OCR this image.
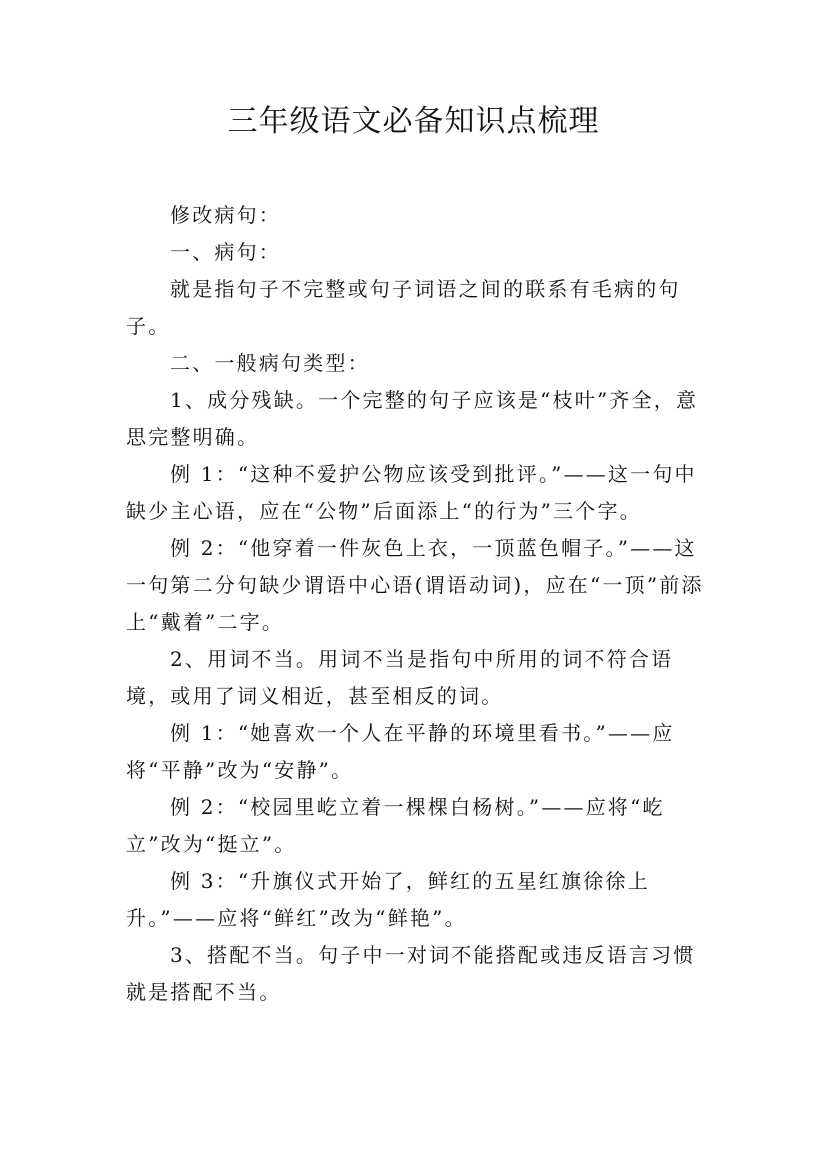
三年级语文必备知识点梳理

修改病句：

一、病句：

就是指句子不完整或句子词语之间的联系有毛病的句子。

二、一般病句类型：

1、成分残缺。一个完整的句子应该是“枝叶”齐全，意思完整明确。

例 1：“这种不爱护公物应该受到批评。”——这一句中缺少主心语，应在“公物”后面添上“的行为”三个字。

例 2：“他穿着一件灰色上衣，一顶蓝色帽子。”——这一句第二分句缺少谓语中心语(谓语动词)，应在“一顶”前添上“戴着”二字。

2、用词不当。用词不当是指句中所用的词不符合语境，或用了词义相近，甚至相反的词。

例 1：“她喜欢一个人在平静的环境里看书。”——应将“平静”改为“安静”。

例 2：“校园里屹立着一棵棵白杨树。”——应将“屹立”改为“挺立”。

例 3：“升旗仪式开始了，鲜红的五星红旗徐徐上升。”——应将“鲜红”改为“鲜艳”。

3、搭配不当。句子中一对词不能搭配或违反语言习惯就是搭配不当。
